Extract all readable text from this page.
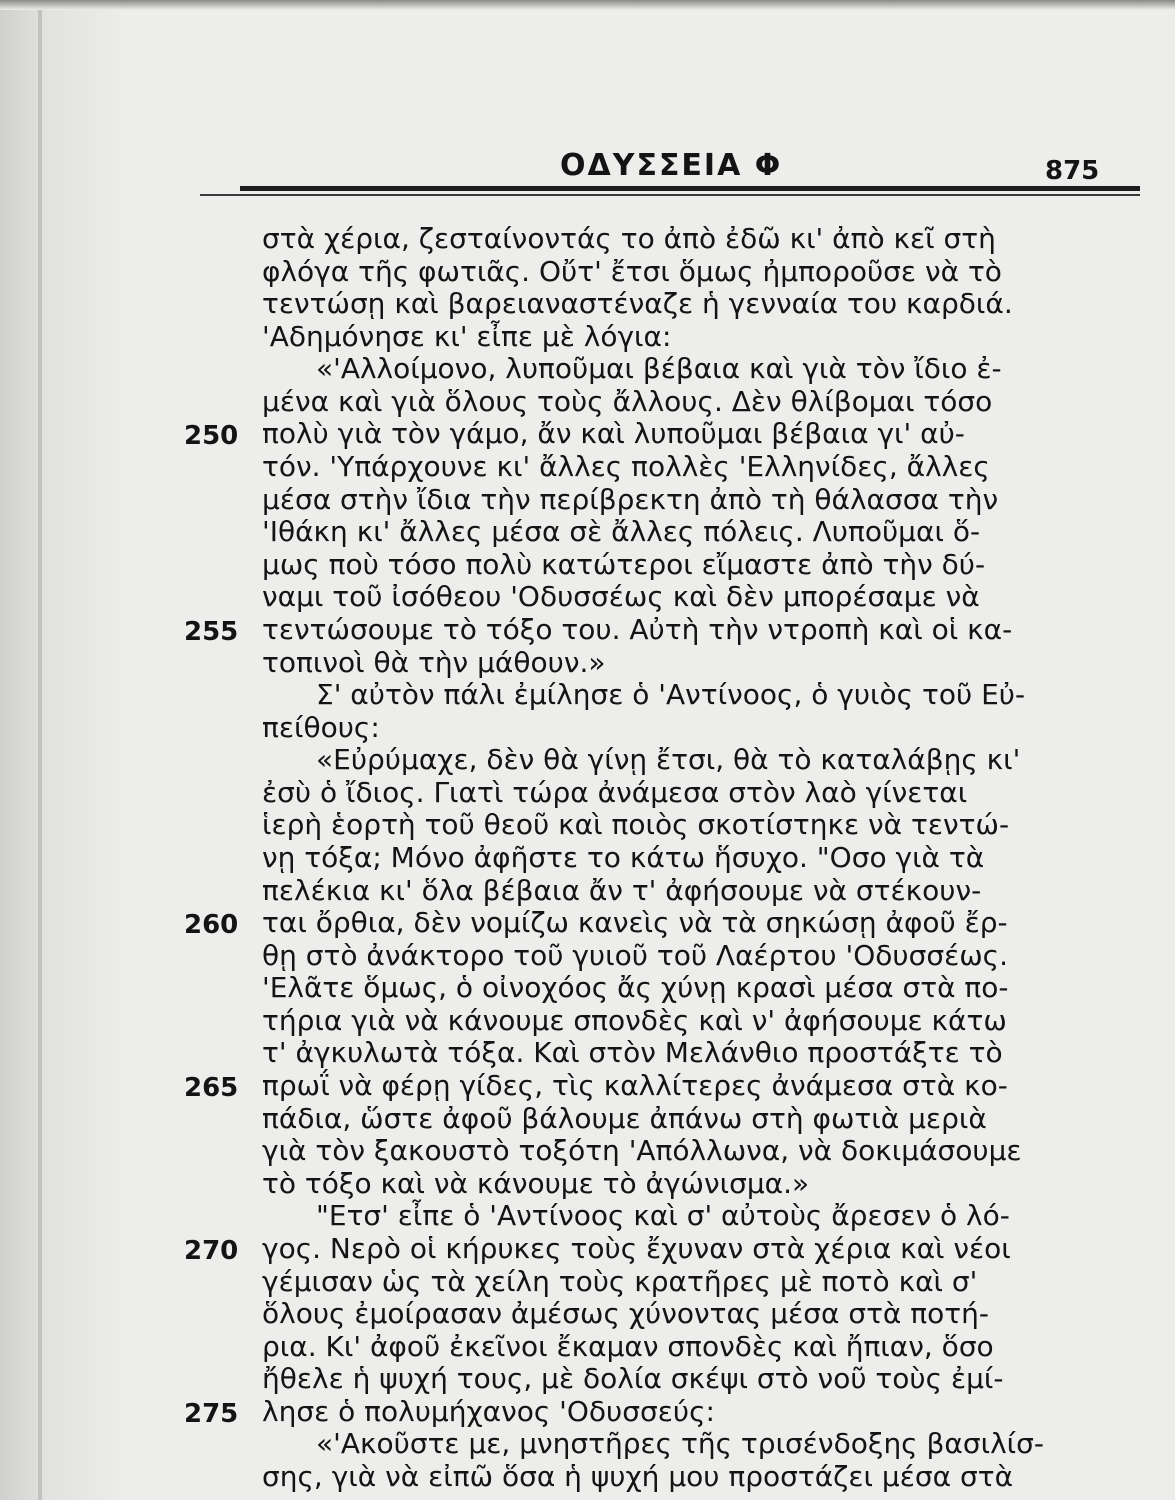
ΟΔΥΣΣΕΙΑ Φ	875
στὰ χέρια, ζεσταίνοντάς το ἀπὸ ἐδῶ κι' ἀπὸ κεῖ στὴ
φλόγα τῆς φωτιᾶς. Οὔτ' ἔτσι ὅμως ἠμποροῦσε νὰ τὸ
τεντώσῃ καὶ βαρειαναστέναζε ἡ γενναία του καρδιά.
'Αδημόνησε κι' εἶπε μὲ λόγια:
«'Αλλοίμονο, λυποῦμαι βέβαια καὶ γιὰ τὸν ἴδιο ἐ-
μένα καὶ γιὰ ὅλους τοὺς ἄλλους. Δὲν θλίβομαι τόσο
πολὺ γιὰ τὸν γάμο, ἄν καὶ λυποῦμαι βέβαια γι' αὐ-
τόν. 'Υπάρχουνε κι' ἄλλες πολλὲς 'Ελληνίδες, ἄλλες
μέσα στὴν ἴδια τὴν περίβρεκτη ἀπὸ τὴ θάλασσα τὴν
'Ιθάκη κι' ἄλλες μέσα σὲ ἄλλες πόλεις. Λυποῦμαι ὅ-
μως ποὺ τόσο πολὺ κατώτεροι εἴμαστε ἀπὸ τὴν δύ-
ναμι τοῦ ἰσόθεου 'Οδυσσέως καὶ δὲν μπορέσαμε νὰ
τεντώσουμε τὸ τόξο του. Αὐτὴ τὴν ντροπὴ καὶ οἱ κα-
τοπινοὶ θὰ τὴν μάθουν.»
Σ' αὐτὸν πάλι ἐμίλησε ὁ 'Αντίνοος, ὁ γυιὸς τοῦ Εὐ-
πείθους:
«Εὐρύμαχε, δὲν θὰ γίνῃ ἔτσι, θὰ τὸ καταλάβῃς κι'
ἐσὺ ὁ ἴδιος. Γιατὶ τώρα ἀνάμεσα στὸν λαὸ γίνεται
ἱερὴ ἑορτὴ τοῦ θεοῦ καὶ ποιὸς σκοτίστηκε νὰ τεντώ-
νῃ τόξα; Μόνο ἀφῆστε το κάτω ἥσυχο. "Οσο γιὰ τὰ
πελέκια κι' ὅλα βέβαια ἄν τ' ἀφήσουμε νὰ στέκουν-
ται ὄρθια, δὲν νομίζω κανεὶς νὰ τὰ σηκώσῃ ἀφοῦ ἔρ-
θῃ στὸ ἀνάκτορο τοῦ γυιοῦ τοῦ Λαέρτου 'Οδυσσέως.
'Ελᾶτε ὅμως, ὁ οἰνοχόος ἄς χύνῃ κρασὶ μέσα στὰ πο-
τήρια γιὰ νὰ κάνουμε σπονδὲς καὶ ν' ἀφήσουμε κάτω
τ' ἀγκυλωτὰ τόξα. Καὶ στὸν Μελάνθιο προστάξτε τὸ
πρωΐ νὰ φέρῃ γίδες, τὶς καλλίτερες ἀνάμεσα στὰ κο-
πάδια, ὥστε ἀφοῦ βάλουμε ἀπάνω στὴ φωτιὰ μεριὰ
γιὰ τὸν ξακουστὸ τοξότη 'Απόλλωνα, νὰ δοκιμάσουμε
τὸ τόξο καὶ νὰ κάνουμε τὸ ἀγώνισμα.»
"Ετσ' εἶπε ὁ 'Αντίνοος καὶ σ' αὐτοὺς ἄρεσεν ὁ λό-
γος. Νερὸ οἱ κήρυκες τοὺς ἔχυναν στὰ χέρια καὶ νέοι
γέμισαν ὡς τὰ χείλη τοὺς κρατῆρες μὲ ποτὸ καὶ σ'
ὅλους ἐμοίρασαν ἀμέσως χύνοντας μέσα στὰ ποτή-
ρια. Κι' ἀφοῦ ἐκεῖνοι ἔκαμαν σπονδὲς καὶ ἤπιαν, ὅσο
ἤθελε ἡ ψυχή τους, μὲ δολία σκέψι στὸ νοῦ τοὺς ἐμί-
λησε ὁ πολυμήχανος 'Οδυσσεύς:
«'Ακοῦστε με, μνηστῆρες τῆς τρισένδοξης βασιλίσ-
σης, γιὰ νὰ εἰπῶ ὅσα ἡ ψυχή μου προστάζει μέσα στὰ
250
255
260
265
270
275
